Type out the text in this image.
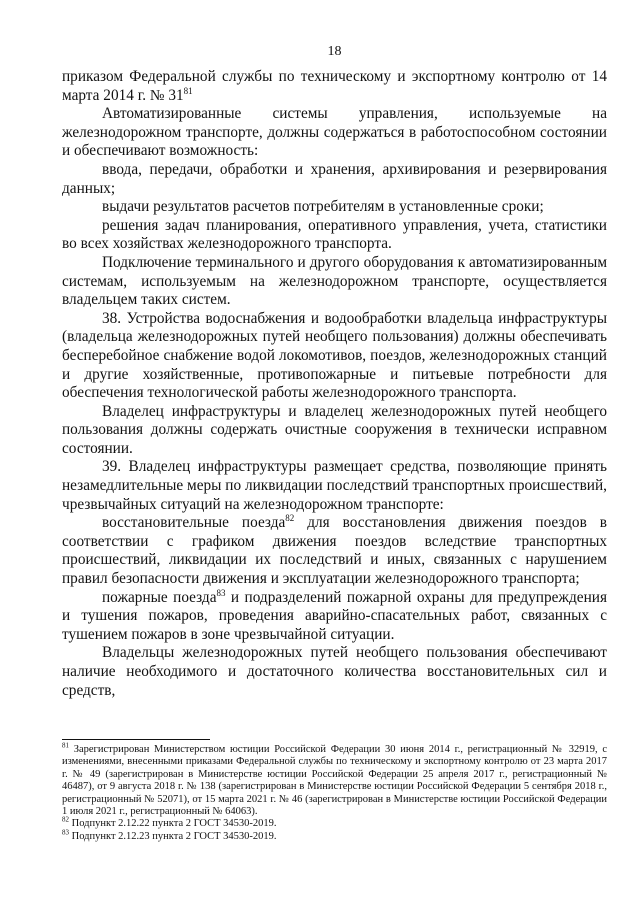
18

приказом Федеральной службы по техническому и экспортному контролю от 14 марта 2014 г. № $31^{81}$

Автоматизированные системы управления, используемые на железнодорожном транспорте, должны содержаться в работоспособном состоянии и обеспечивают возможность:

ввода, передачи, обработки и хранения, архивирования и резервирования данных;

выдачи результатов расчетов потребителям в установленные сроки;

решения задач планирования, оперативного управления, учета, статистики во всех хозяйствах железнодорожного транспорта.

Подключение терминального и другого оборудования к автоматизированным системам, используемым на железнодорожном транспорте, осуществляется владельцем таких систем.

38. Устройства водоснабжения и водообработки владельца инфраструктуры (владельца железнодорожных путей необщего пользования) должны обеспечивать бесперебойное снабжение водой локомотивов, поездов, железнодорожных станций и другие хозяйственные, противопожарные и питьевые потребности для обеспечения технологической работы железнодорожного транспорта.

Владелец инфраструктуры и владелец железнодорожных путей необщего пользования должны содержать очистные сооружения в технически исправном состоянии.

39. Владелец инфраструктуры размещает средства, позволяющие принять незамедлительные меры по ликвидации последствий транспортных происшествий, чрезвычайных ситуаций на железнодорожном транспорте:

восстановительные поезда$^{82}$ для восстановления движения поездов в соответствии с графиком движения поездов вследствие транспортных происшествий, ликвидации их последствий и иных, связанных с нарушением правил безопасности движения и эксплуатации железнодорожного транспорта;

пожарные поезда$^{83}$ и подразделений пожарной охраны для предупреждения и тушения пожаров, проведения аварийно-спасательных работ, связанных с тушением пожаров в зоне чрезвычайной ситуации.

Владельцы железнодорожных путей необщего пользования обеспечивают наличие необходимого и достаточного количества восстановительных сил и средств,

$^{81}$ Зарегистрирован Министерством юстиции Российской Федерации 30 июня 2014 г., регистрационный № 32919, с изменениями, внесенными приказами Федеральной службы по техническому и экспортному контролю от 23 марта 2017 г. № 49 (зарегистрирован в Министерстве юстиции Российской Федерации 25 апреля 2017 г., регистрационный № 46487), от 9 августа 2018 г. № 138 (зарегистрирован в Министерстве юстиции Российской Федерации 5 сентября 2018 г., регистрационный № 52071), от 15 марта 2021 г. № 46 (зарегистрирован в Министерстве юстиции Российской Федерации 1 июля 2021 г., регистрационный № 64063).

$^{82}$ Подпункт 2.12.22 пункта 2 ГОСТ 34530-2019.

$^{83}$ Подпункт 2.12.23 пункта 2 ГОСТ 34530-2019.
